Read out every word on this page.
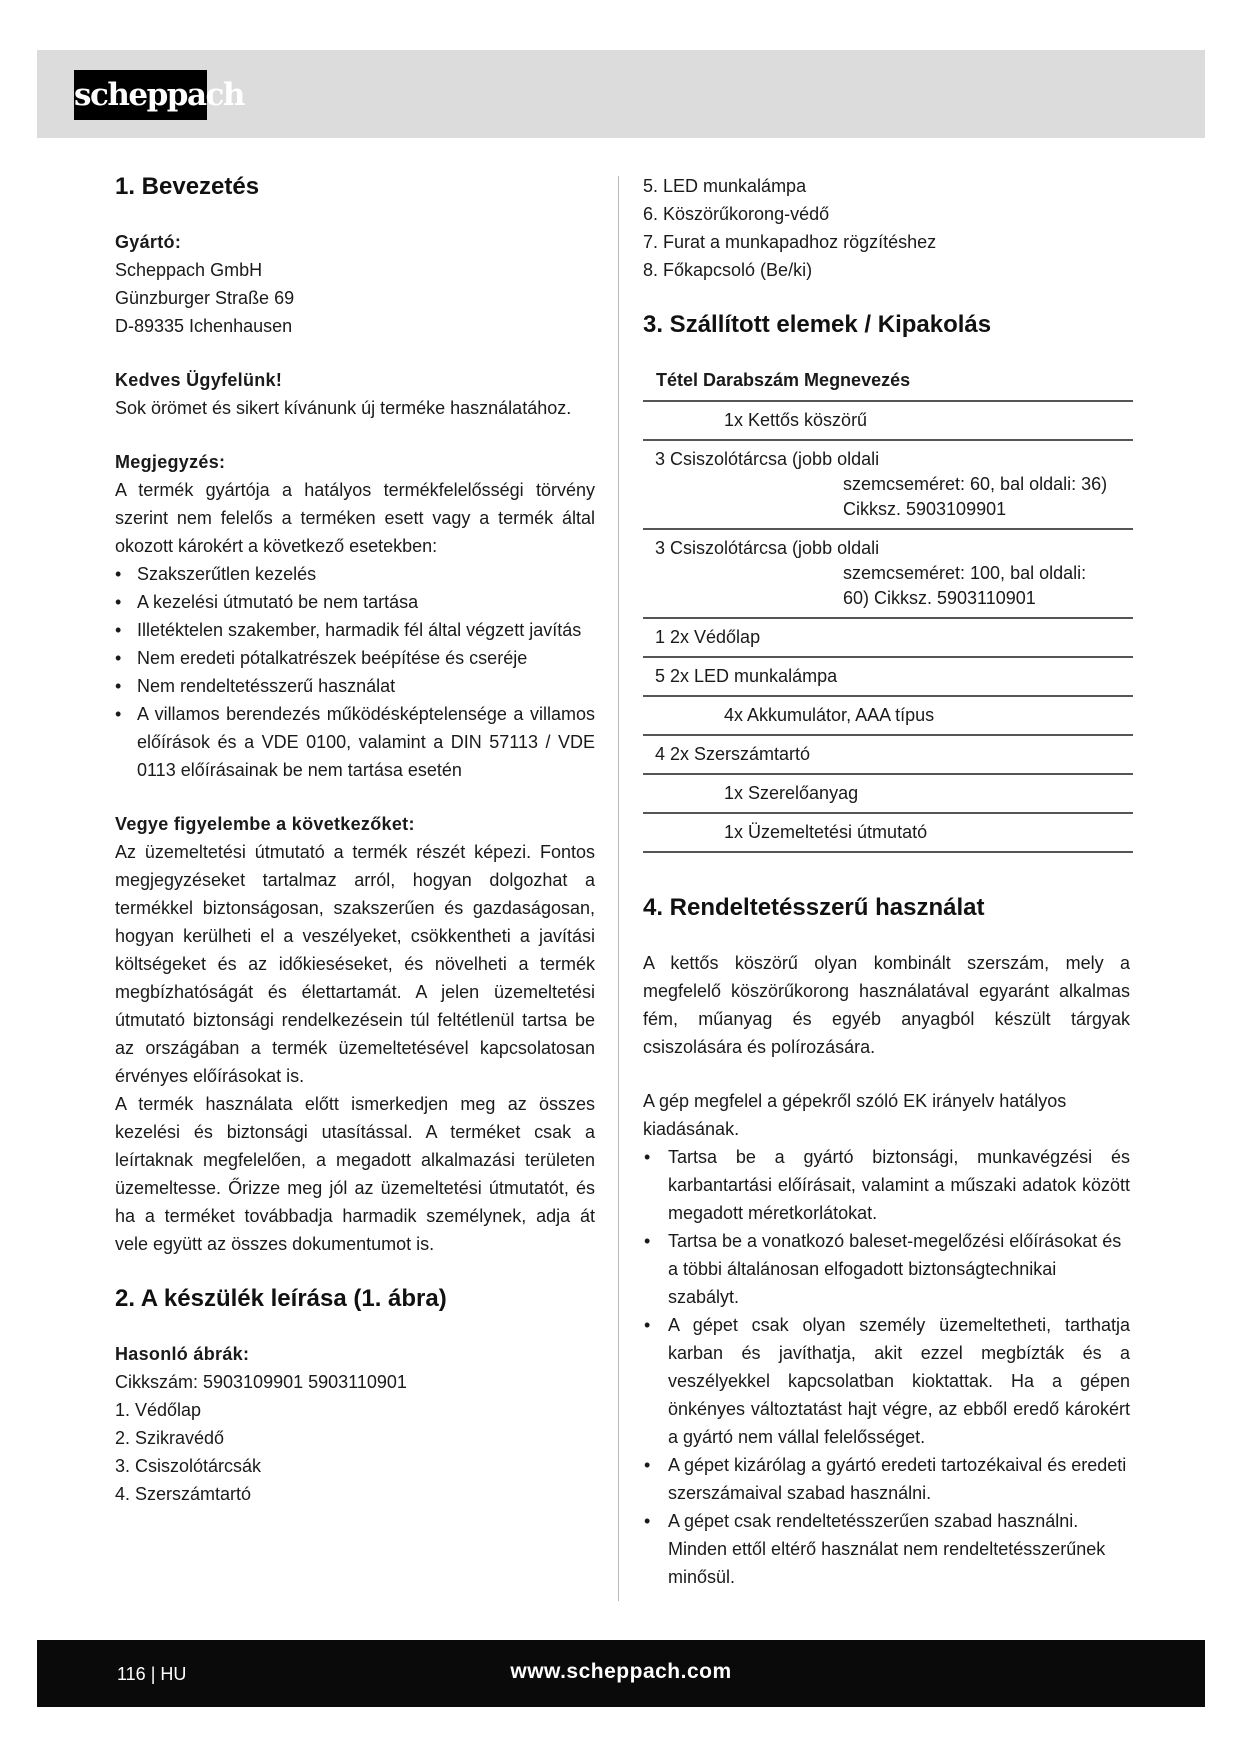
scheppach

1. Bevezetés

Gyártó:

Scheppach GmbH

Günzburger Straße 69

D-89335 Ichenhausen

Kedves Ügyfelünk!

Sok örömet és sikert kívánunk új terméke használatához.

Megjegyzés:

A termék gyártója a hatályos termékfelelősségi törvény szerint nem felelős a terméken esett vagy a termék által okozott károkért a következő esetekben:

• Szakszerűtlen kezelés
• A kezelési útmutató be nem tartása
• Illetéktelen szakember, harmadik fél által végzett javítás
• Nem eredeti pótalkatrészek beépítése és cseréje
• Nem rendeltetésszerű használat
• A villamos berendezés működésképtelensége a villamos előírások és a VDE 0100, valamint a DIN 57113 / VDE 0113 előírásainak be nem tartása esetén

Vegye figyelembe a következőket:

Az üzemeltetési útmutató a termék részét képezi. Fontos megjegyzéseket tartalmaz arról, hogyan dolgozhat a termékkel biztonságosan, szakszerűen és gazdaságosan, hogyan kerülheti el a veszélyeket, csökkentheti a javítási költségeket és az időkieséseket, és növelheti a termék megbízhatóságát és élettartamát. A jelen üzemeltetési útmutató biztonsági rendelkezésein túl feltétlenül tartsa be az országában a termék üzemeltetésével kapcsolatosan érvényes előírásokat is.

A termék használata előtt ismerkedjen meg az összes kezelési és biztonsági utasítással. A terméket csak a leírtaknak megfelelően, a megadott alkalmazási területen üzemeltesse. Őrizze meg jól az üzemeltetési útmutatót, és ha a terméket továbbadja harmadik személynek, adja át vele együtt az összes dokumentumot is.

2. A készülék leírása (1. ábra)

Hasonló ábrák:

Cikkszám: 5903109901 5903110901

1. Védőlap
2. Szikravédő
3. Csiszolótárcsák
4. Szerszámtartó
5. LED munkalámpa
6. Köszörűkorong-védő
7. Furat a munkapadhoz rögzítéshez
8. Főkapcsoló (Be/ki)

3. Szállított elemek / Kipakolás

Tétel Darabszám Megnevezés
1x Kettős köszörű
3 Csiszolótárcsa (jobb oldali
szemcseméret: 60, bal oldali: 36)
Cikksz. 5903109901
3 Csiszolótárcsa (jobb oldali
szemcseméret: 100, bal oldali:
60) Cikksz. 5903110901
1 2x Védőlap
5 2x LED munkalámpa
4x Akkumulátor, AAA típus
4 2x Szerszámtartó
1x Szerelőanyag
1x Üzemeltetési útmutató

4. Rendeltetésszerű használat

A kettős köszörű olyan kombinált szerszám, mely a megfelelő köszörűkorong használatával egyaránt alkalmas fém, műanyag és egyéb anyagból készült tárgyak csiszolására és polírozására.

A gép megfelel a gépekről szóló EK irányelv hatályos kiadásának.

• Tartsa be a gyártó biztonsági, munkavégzési és karbantartási előírásait, valamint a műszaki adatok között megadott méretkorlátokat.
• Tartsa be a vonatkozó baleset-megelőzési előírásokat és a többi általánosan elfogadott biztonságtechnikai szabályt.
• A gépet csak olyan személy üzemeltetheti, tarthatja karban és javíthatja, akit ezzel megbízták és a veszélyekkel kapcsolatban kioktattak. Ha a gépen önkényes változtatást hajt végre, az ebből eredő károkért a gyártó nem vállal felelősséget.
• A gépet kizárólag a gyártó eredeti tartozékaival és eredeti szerszámaival szabad használni.
• A gépet csak rendeltetésszerűen szabad használni. Minden ettől eltérő használat nem rendeltetésszerűnek minősül.
116 | HU	www.scheppach.com
